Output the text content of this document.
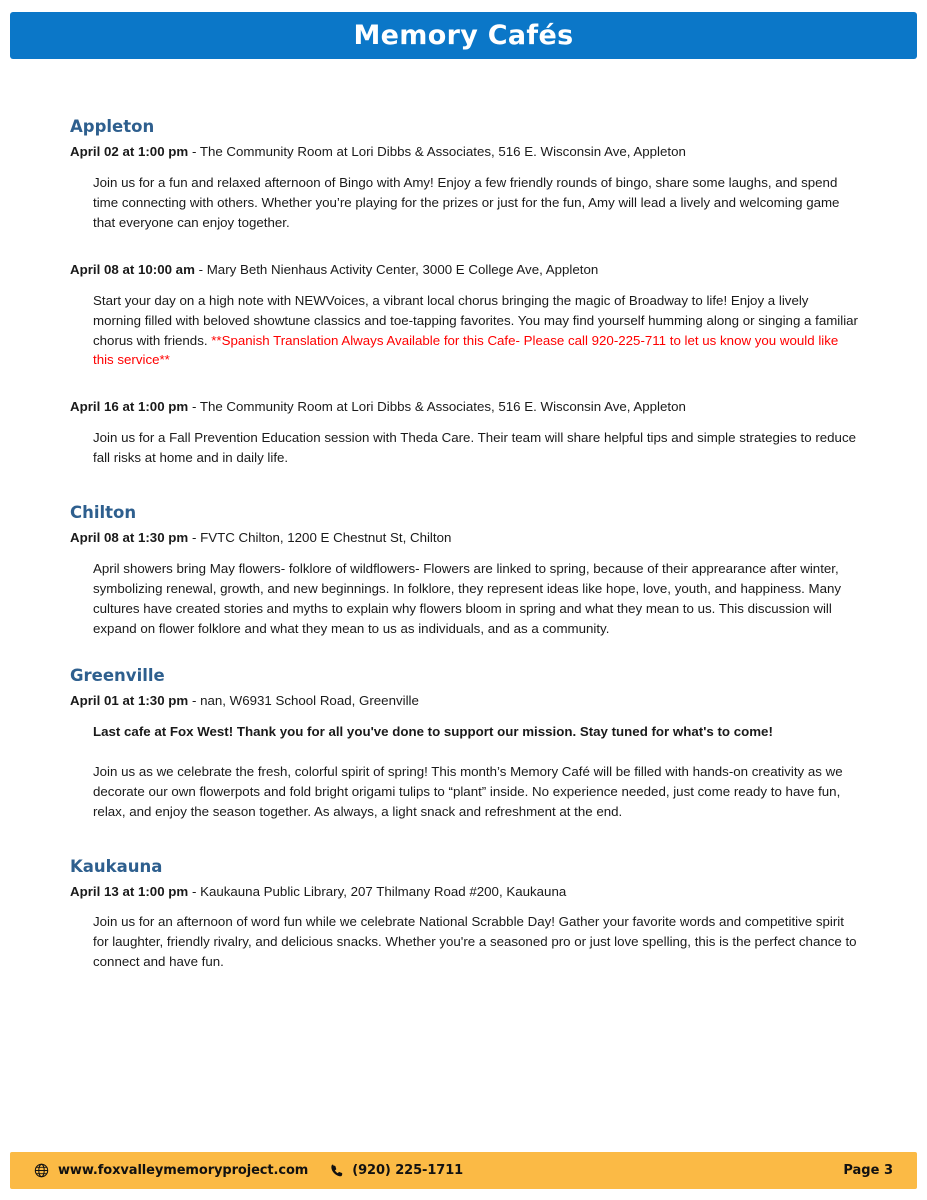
Memory Cafés
Appleton

April 02 at 1:00 pm - The Community Room at Lori Dibbs & Associates, 516 E. Wisconsin Ave, Appleton

Join us for a fun and relaxed afternoon of Bingo with Amy! Enjoy a few friendly rounds of bingo, share some laughs, and spend time connecting with others. Whether you’re playing for the prizes or just for the fun, Amy will lead a lively and welcoming game that everyone can enjoy together.

April 08 at 10:00 am - Mary Beth Nienhaus Activity Center, 3000 E College Ave, Appleton

Start your day on a high note with NEWVoices, a vibrant local chorus bringing the magic of Broadway to life! Enjoy a lively morning filled with beloved showtune classics and toe-tapping favorites. You may find yourself humming along or singing a familiar chorus with friends. **Spanish Translation Always Available for this Cafe- Please call 920-225-711 to let us know you would like this service**

April 16 at 1:00 pm - The Community Room at Lori Dibbs & Associates, 516 E. Wisconsin Ave, Appleton

Join us for a Fall Prevention Education session with Theda Care. Their team will share helpful tips and simple strategies to reduce fall risks at home and in daily life.

Chilton

April 08 at 1:30 pm - FVTC Chilton, 1200 E Chestnut St, Chilton

April showers bring May flowers- folklore of wildflowers- Flowers are linked to spring, because of their apprearance after winter, symbolizing renewal, growth, and new beginnings. In folklore, they represent ideas like hope, love, youth, and happiness. Many cultures have created stories and myths to explain why flowers bloom in spring and what they mean to us. This discussion will expand on flower folklore and what they mean to us as individuals, and as a community.

Greenville

April 01 at 1:30 pm - nan, W6931 School Road, Greenville

Last cafe at Fox West! Thank you for all you've done to support our mission. Stay tuned for what's to come!

Join us as we celebrate the fresh, colorful spirit of spring! This month’s Memory Café will be filled with hands-on creativity as we decorate our own flowerpots and fold bright origami tulips to “plant” inside. No experience needed, just come ready to have fun, relax, and enjoy the season together. As always, a light snack and refreshment at the end.

Kaukauna

April 13 at 1:00 pm - Kaukauna Public Library, 207 Thilmany Road #200, Kaukauna

Join us for an afternoon of word fun while we celebrate National Scrabble Day! Gather your favorite words and competitive spirit for laughter, friendly rivalry, and delicious snacks. Whether you're a seasoned pro or just love spelling, this is the perfect chance to connect and have fun.

www.foxvalleymemoryproject.com	(920) 225-1711	Page 3
